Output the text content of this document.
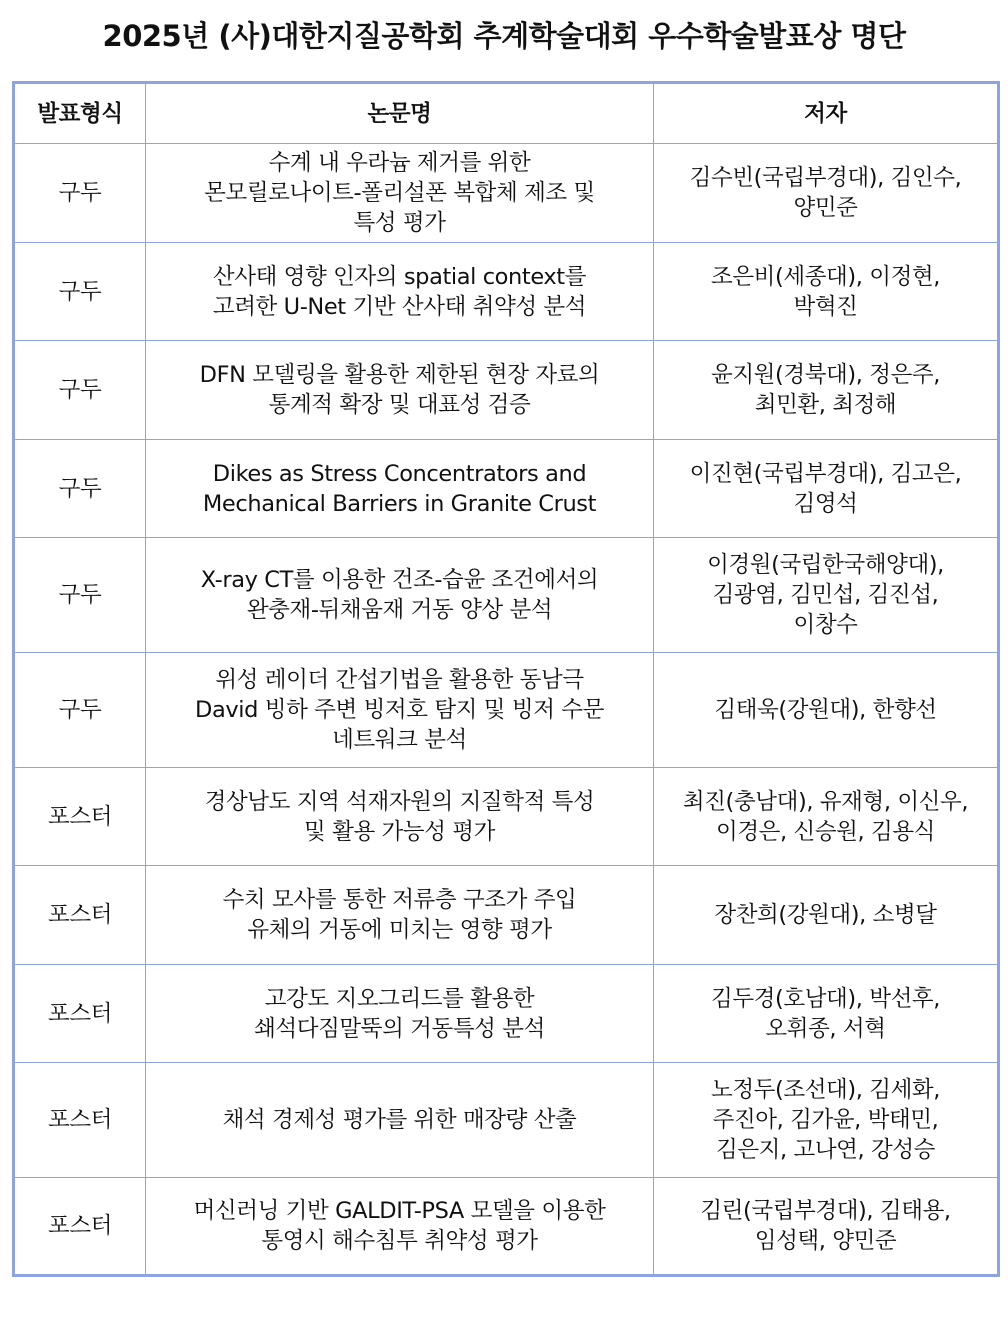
2025년 (사)대한지질공학회 추계학술대회 우수학술발표상 명단
발표형식	논문명	저자
구두	수계 내 우라늄 제거를 위한
몬모릴로나이트-폴리설폰 복합체 제조 및
특성 평가	김수빈(국립부경대), 김인수,
양민준

구두	산사태 영향 인자의 spatial context를
고려한 U-Net 기반 산사태 취약성 분석	조은비(세종대), 이정현,
박혁진

구두	DFN 모델링을 활용한 제한된 현장 자료의
통계적 확장 및 대표성 검증	윤지원(경북대), 정은주,
최민환, 최정해

구두	Dikes as Stress Concentrators and
Mechanical Barriers in Granite Crust	이진현(국립부경대), 김고은,
김영석

구두	X-ray CT를 이용한 건조-습윤 조건에서의
완충재-뒤채움재 거동 양상 분석	이경원(국립한국해양대),
김광염, 김민섭, 김진섭,
이창수

구두	위성 레이더 간섭기법을 활용한 동남극
David 빙하 주변 빙저호 탐지 및 빙저 수문
네트워크 분석	김태욱(강원대), 한향선

포스터	경상남도 지역 석재자원의 지질학적 특성
및 활용 가능성 평가	최진(충남대), 유재형, 이신우,
이경은, 신승원, 김용식

포스터	수치 모사를 통한 저류층 구조가 주입
유체의 거동에 미치는 영향 평가	장찬희(강원대), 소병달

포스터	고강도 지오그리드를 활용한
쇄석다짐말뚝의 거동특성 분석	김두경(호남대), 박선후,
오휘종, 서혁

포스터	채석 경제성 평가를 위한 매장량 산출	노정두(조선대), 김세화,
주진아, 김가윤, 박태민,
김은지, 고나연, 강성승

포스터	머신러닝 기반 GALDIT-PSA 모델을 이용한
통영시 해수침투 취약성 평가	김린(국립부경대), 김태용,
임성택, 양민준
